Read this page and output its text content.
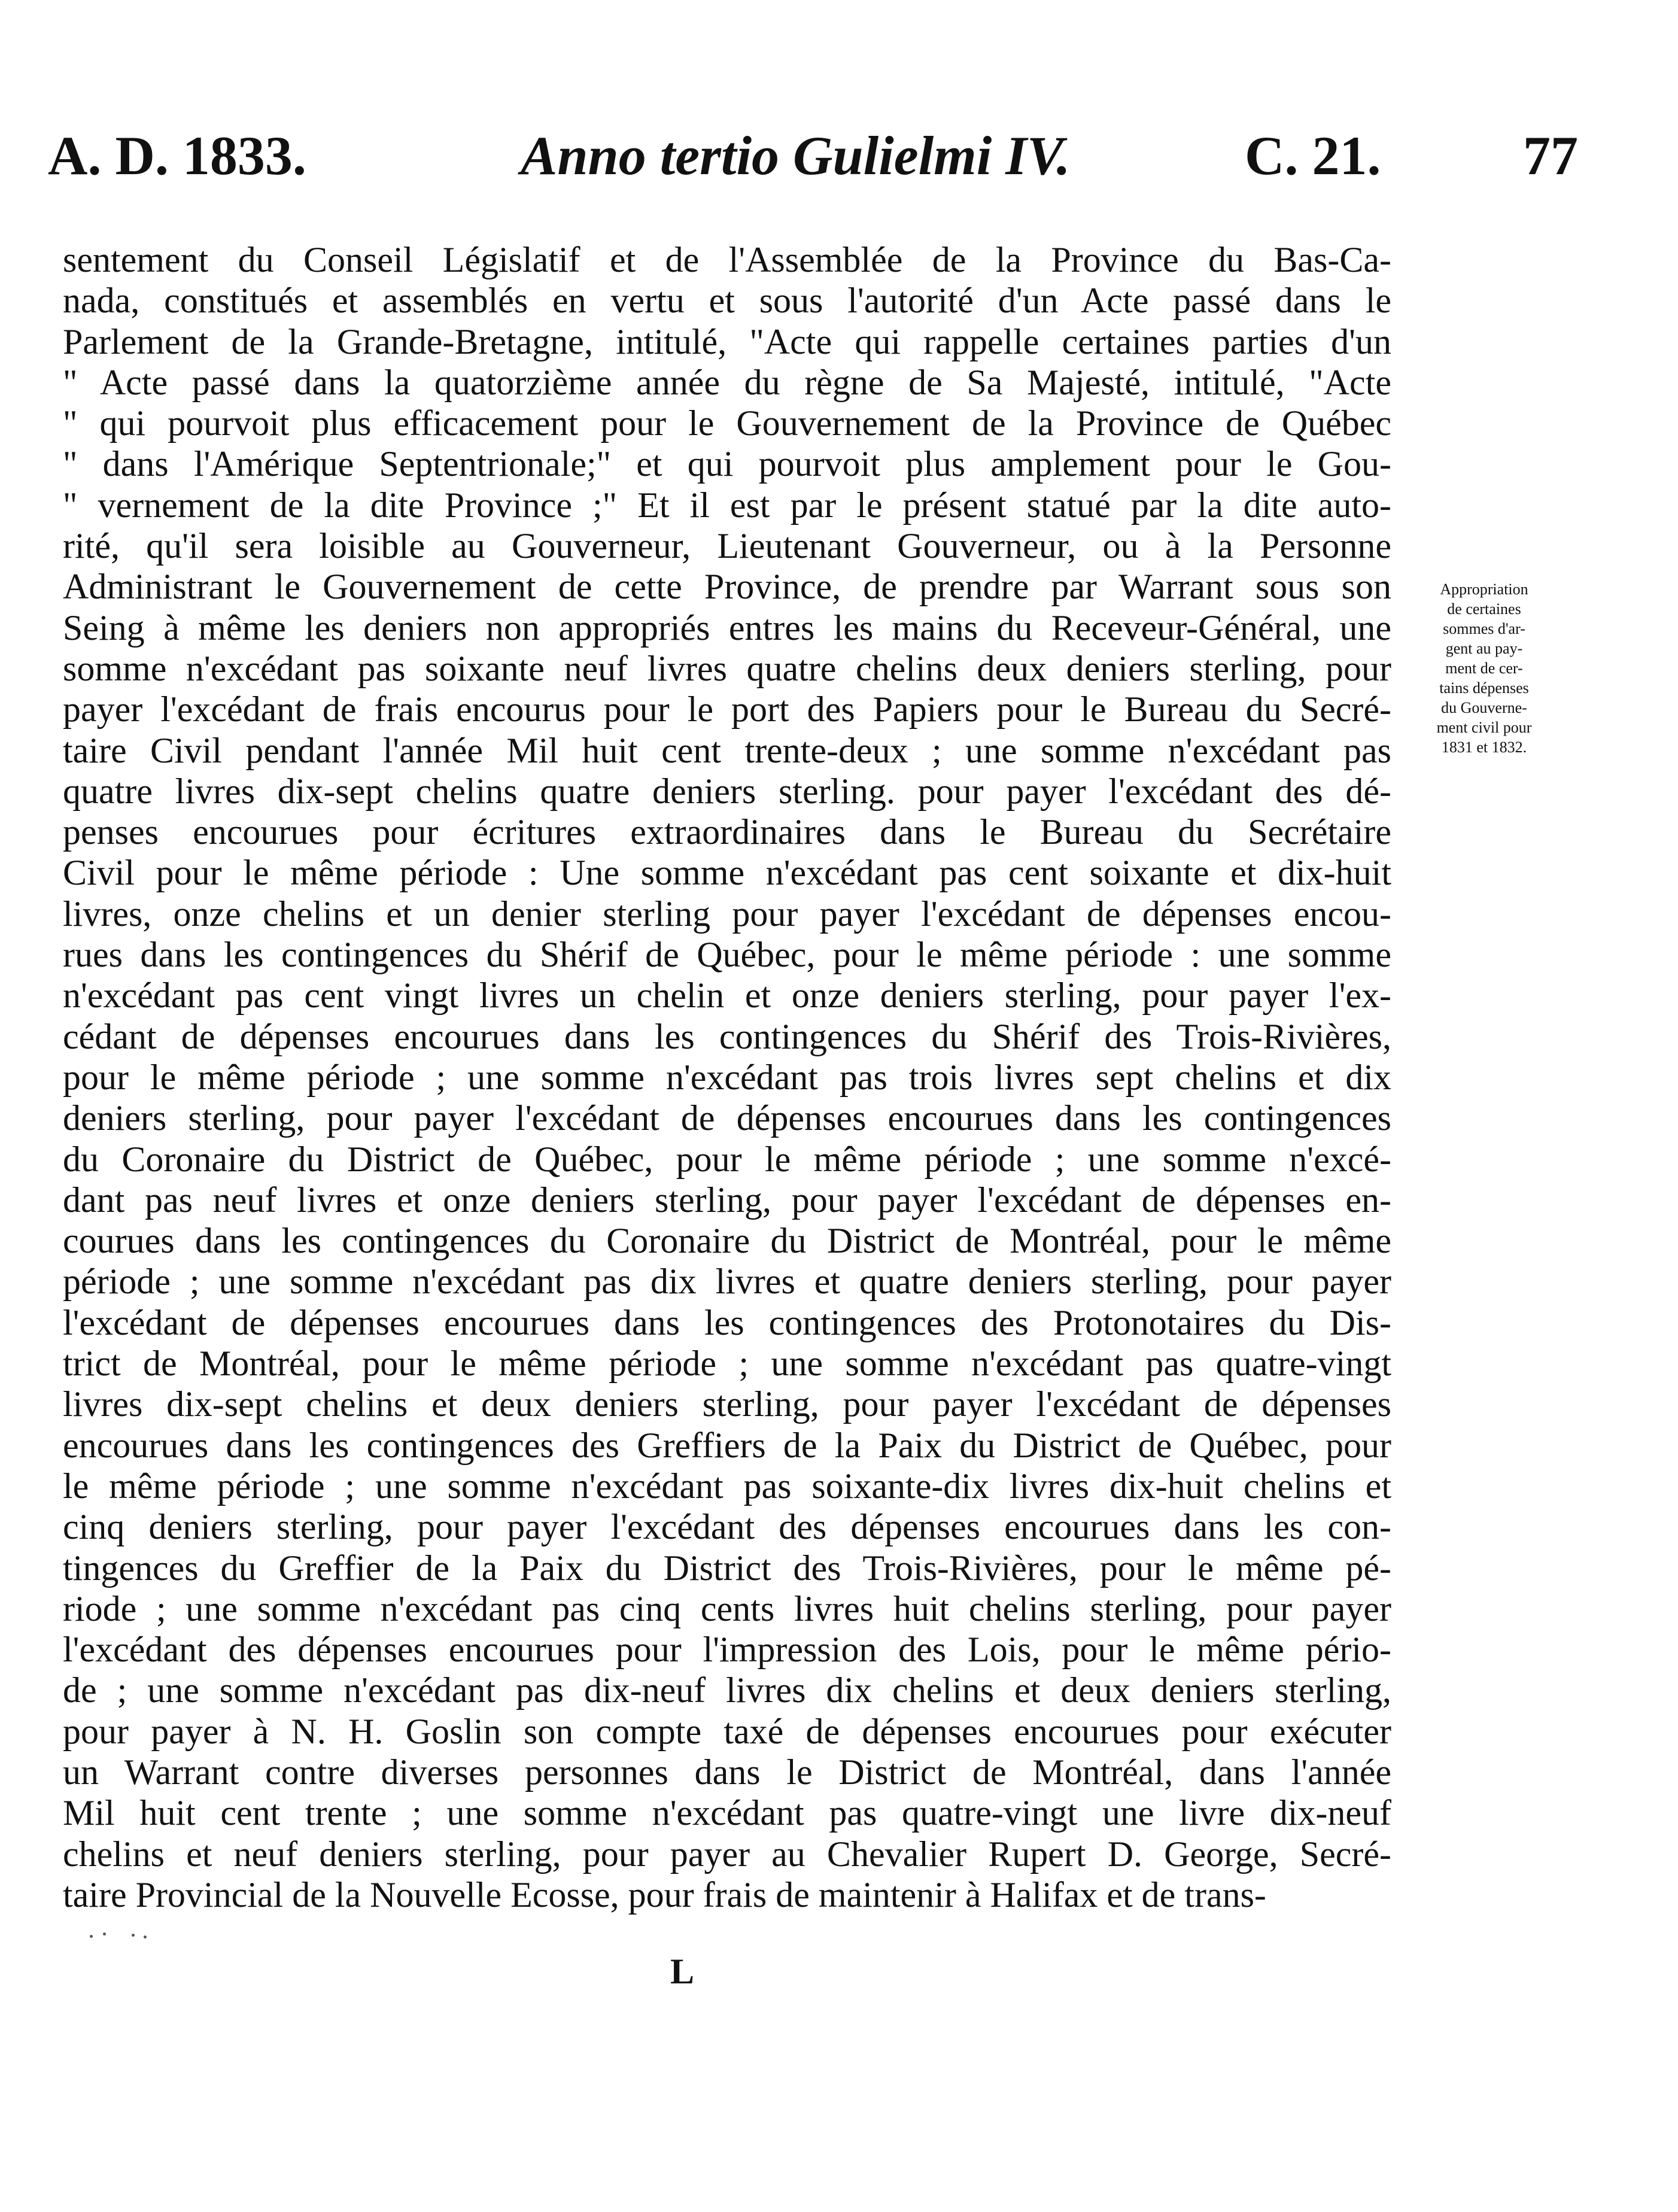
A. D. 1833.	Anno tertio Gulielmi IV.	C. 21.	77
sentement du Conseil Législatif et de l'Assemblée de la Province du Bas-Ca-
nada, constitués et assemblés en vertu et sous l'autorité d'un Acte passé dans le
Parlement de la Grande-Bretagne, intitulé, "Acte qui rappelle certaines parties d'un
" Acte passé dans la quatorzième année du règne de Sa Majesté, intitulé, "Acte
" qui pourvoit plus efficacement pour le Gouvernement de la Province de Québec
" dans l'Amérique Septentrionale;" et qui pourvoit plus amplement pour le Gou-
" vernement de la dite Province ;" Et il est par le présent statué par la dite auto-
rité, qu'il sera loisible au Gouverneur, Lieutenant Gouverneur, ou à la Personne
Administrant le Gouvernement de cette Province, de prendre par Warrant sous son
Seing à même les deniers non appropriés entres les mains du Receveur-Général, une
somme n'excédant pas soixante neuf livres quatre chelins deux deniers sterling, pour
payer l'excédant de frais encourus pour le port des Papiers pour le Bureau du Secré-
taire Civil pendant l'année Mil huit cent trente-deux ; une somme n'excédant pas
quatre livres dix-sept chelins quatre deniers sterling. pour payer l'excédant des dé-
penses encourues pour écritures extraordinaires dans le Bureau du Secrétaire
Civil pour le même période : Une somme n'excédant pas cent soixante et dix-huit
livres, onze chelins et un denier sterling pour payer l'excédant de dépenses encou-
rues dans les contingences du Shérif de Québec, pour le même période : une somme
n'excédant pas cent vingt livres un chelin et onze deniers sterling, pour payer l'ex-
cédant de dépenses encourues dans les contingences du Shérif des Trois-Rivières,
pour le même période ; une somme n'excédant pas trois livres sept chelins et dix
deniers sterling, pour payer l'excédant de dépenses encourues dans les contingences
du Coronaire du District de Québec, pour le même période ; une somme n'excé-
dant pas neuf livres et onze deniers sterling, pour payer l'excédant de dépenses en-
courues dans les contingences du Coronaire du District de Montréal, pour le même
période ; une somme n'excédant pas dix livres et quatre deniers sterling, pour payer
l'excédant de dépenses encourues dans les contingences des Protonotaires du Dis-
trict de Montréal, pour le même période ; une somme n'excédant pas quatre-vingt
livres dix-sept chelins et deux deniers sterling, pour payer l'excédant de dépenses
encourues dans les contingences des Greffiers de la Paix du District de Québec, pour
le même période ; une somme n'excédant pas soixante-dix livres dix-huit chelins et
cinq deniers sterling, pour payer l'excédant des dépenses encourues dans les con-
tingences du Greffier de la Paix du District des Trois-Rivières, pour le même pé-
riode ; une somme n'excédant pas cinq cents livres huit chelins sterling, pour payer
l'excédant des dépenses encourues pour l'impression des Lois, pour le même pério-
de ; une somme n'excédant pas dix-neuf livres dix chelins et deux deniers sterling,
pour payer à N. H. Goslin son compte taxé de dépenses encourues pour exécuter
un Warrant contre diverses personnes dans le District de Montréal, dans l'année
Mil huit cent trente ; une somme n'excédant pas quatre-vingt une livre dix-neuf
chelins et neuf deniers sterling, pour payer au Chevalier Rupert D. George, Secré-
taire Provincial de la Nouvelle Ecosse, pour frais de maintenir à Halifax et de trans-
Appropriation
de certaines
sommes d'ar-
gent au pay-
ment de cer-
tains dépenses
du Gouverne-
ment civil pour
1831 et 1832.
L
